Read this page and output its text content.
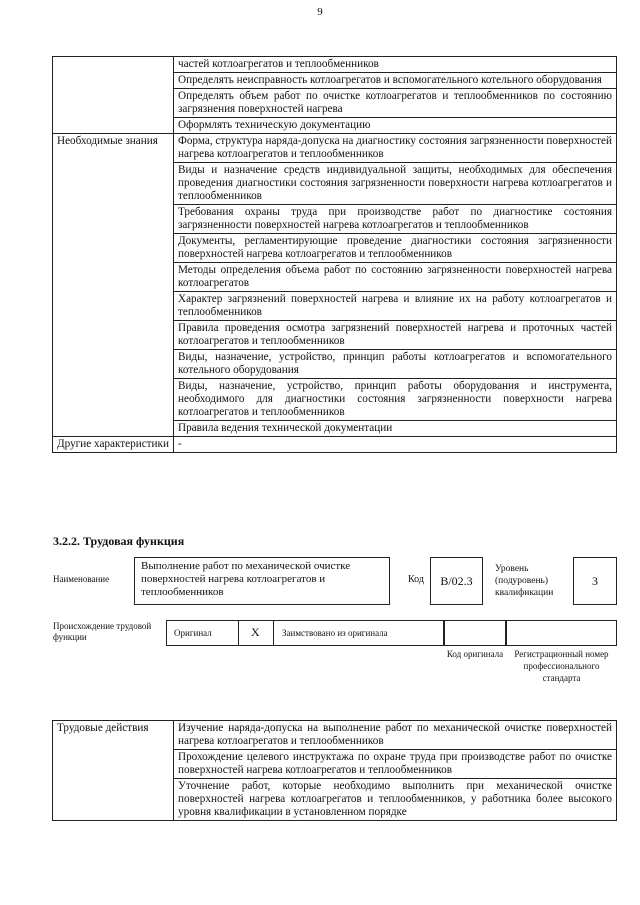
9
	частей котлоагрегатов и теплообменников
	Определять неисправность котлоагрегатов и вспомогательного котельного оборудования
	Определять объем работ по очистке котлоагрегатов и теплообменников по состоянию загрязнения поверхностей нагрева
	Оформлять техническую документацию
Необходимые знания	Форма, структура наряда-допуска на диагностику состояния загрязненности поверхностей нагрева котлоагрегатов и теплообменников
	Виды и назначение средств индивидуальной защиты, необходимых для обеспечения проведения диагностики состояния загрязненности поверхности нагрева котлоагрегатов и теплообменников
	Требования охраны труда при производстве работ по диагностике состояния загрязненности поверхностей нагрева котлоагрегатов и теплообменников
	Документы, регламентирующие проведение диагностики состояния загрязненности поверхностей нагрева котлоагрегатов и теплообменников
	Методы определения объема работ по состоянию загрязненности поверхностей нагрева котлоагрегатов
	Характер загрязнений поверхностей нагрева и влияние их на работу котлоагрегатов и теплообменников
	Правила проведения осмотра загрязнений поверхностей нагрева и проточных частей котлоагрегатов и теплообменников
	Виды, назначение, устройство, принцип работы котлоагрегатов и вспомогательного котельного оборудования
	Виды, назначение, устройство, принцип работы оборудования и инструмента, необходимого для диагностики состояния загрязненности поверхности нагрева котлоагрегатов и теплообменников
	Правила ведения технической документации
Другие характеристики	-
3.2.2. Трудовая функция
Наименование
Выполнение работ по механической очистке поверхностей нагрева котлоагрегатов и теплообменников
Код	B/02.3
Уровень (подуровень) квалификации
3
Происхождение трудовой функции	Оригинал	X Заимствовано из оригинала
Код оригинала	Регистрационный номер профессионального стандарта
Трудовые действия	Изучение наряда-допуска на выполнение работ по механической очистке поверхностей нагрева котлоагрегатов и теплообменников
Прохождение целевого инструктажа по охране труда при производстве работ по очистке поверхностей нагрева котлоагрегатов и теплообменников
Уточнение работ, которые необходимо выполнить при механической очистке поверхностей нагрева котлоагрегатов и теплообменников, у работника более высокого уровня квалификации в установленном порядке
